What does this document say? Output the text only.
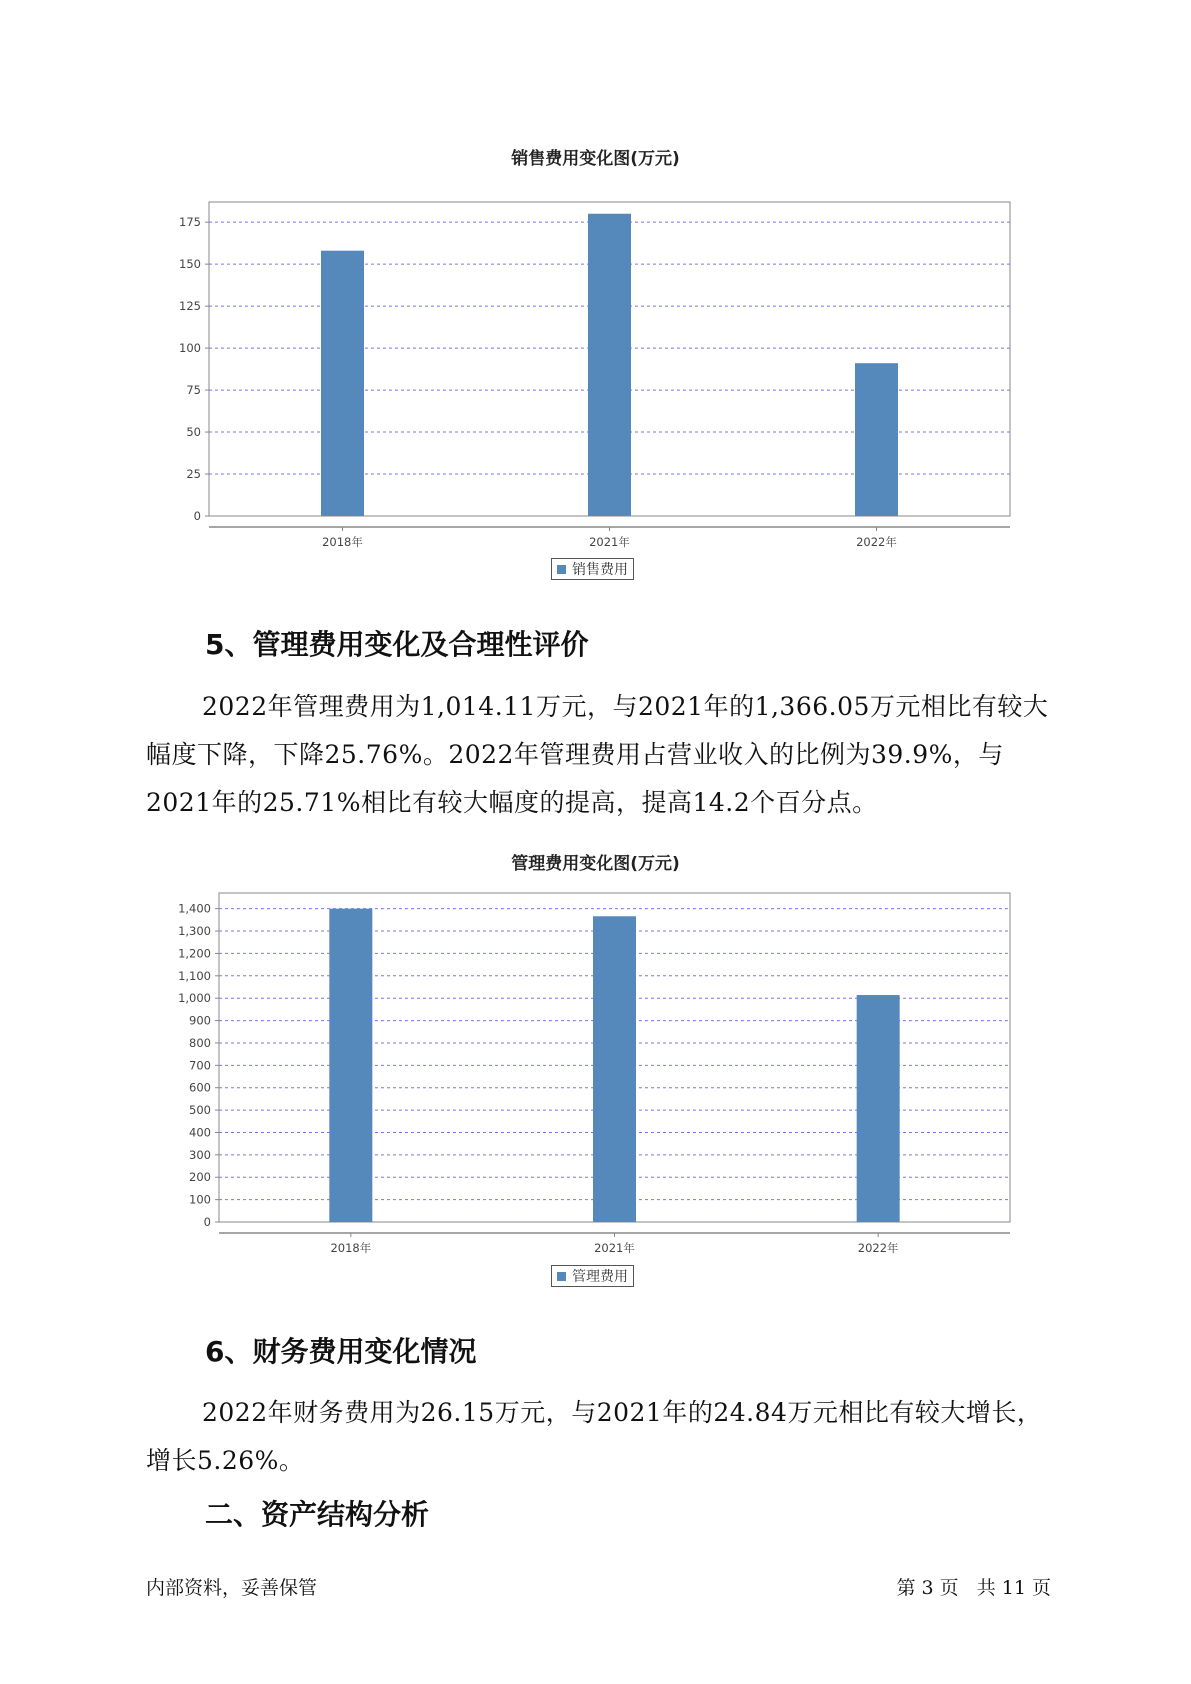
销售费用变化图(万元)
0
25
50
75
100
125
150
175
2018年	2021年	2022年
销售费用
5、管理费用变化及合理性评价

2022年管理费用为1,014.11万元，与2021年的1,366.05万元相比有较大幅度下降，下降25.76%。2022年管理费用占营业收入的比例为39.9%，与2021年的25.71%相比有较大幅度的提高，提高14.2个百分点。

管理费用变化图(万元)
0
100
200
300
400
500
600
700
800
900
1,000
1,100
1,200
1,300
1,400
2018年	2021年	2022年
管理费用
6、财务费用变化情况

2022年财务费用为26.15万元，与2021年的24.84万元相比有较大增长，增长5.26%。

二、资产结构分析
内部资料，妥善保管	第 3 页   共 11 页
